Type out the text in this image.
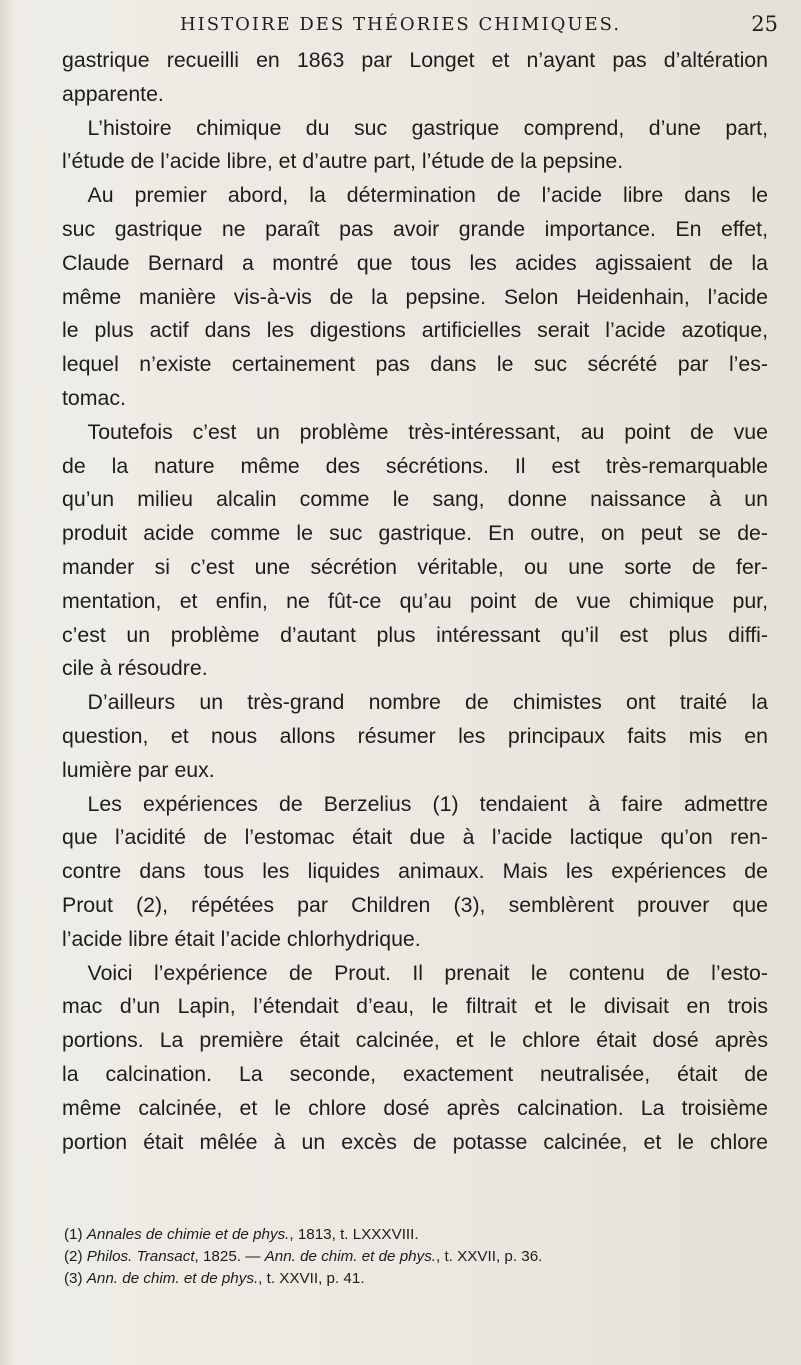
HISTOIRE DES THÉORIES CHIMIQUES.	25
gastrique recueilli en 1863 par Longet et n’ayant pas d’altération
apparente.
L’histoire chimique du suc gastrique comprend, d’une part,
l’étude de l’acide libre, et d’autre part, l’étude de la pepsine.
Au premier abord, la détermination de l’acide libre dans le
suc gastrique ne paraît pas avoir grande importance. En effet,
Claude Bernard a montré que tous les acides agissaient de la
même manière vis-à-vis de la pepsine. Selon Heidenhain, l’acide
le plus actif dans les digestions artificielles serait l’acide azotique,
lequel n’existe certainement pas dans le suc sécrété par l’es-
tomac.
Toutefois c’est un problème très-intéressant, au point de vue
de la nature même des sécrétions. Il est très-remarquable
qu’un milieu alcalin comme le sang, donne naissance à un
produit acide comme le suc gastrique. En outre, on peut se de-
mander si c’est une sécrétion véritable, ou une sorte de fer-
mentation, et enfin, ne fût-ce qu’au point de vue chimique pur,
c’est un problème d’autant plus intéressant qu’il est plus diffi-
cile à résoudre.
D’ailleurs un très-grand nombre de chimistes ont traité la
question, et nous allons résumer les principaux faits mis en
lumière par eux.
Les expériences de Berzelius (1) tendaient à faire admettre
que l’acidité de l’estomac était due à l’acide lactique qu’on ren-
contre dans tous les liquides animaux. Mais les expériences de
Prout (2), répétées par Children (3), semblèrent prouver que
l’acide libre était l’acide chlorhydrique.
Voici l’expérience de Prout. Il prenait le contenu de l’esto-
mac d’un Lapin, l’étendait d’eau, le filtrait et le divisait en trois
portions. La première était calcinée, et le chlore était dosé après
la calcination. La seconde, exactement neutralisée, était de
même calcinée, et le chlore dosé après calcination. La troisième
portion était mêlée à un excès de potasse calcinée, et le chlore
(1) Annales de chimie et de phys., 1813, t. LXXXVIII.
(2) Philos. Transact, 1825. — Ann. de chim. et de phys., t. XXVII, p. 36.
(3) Ann. de chim. et de phys., t. XXVII, p. 41.
